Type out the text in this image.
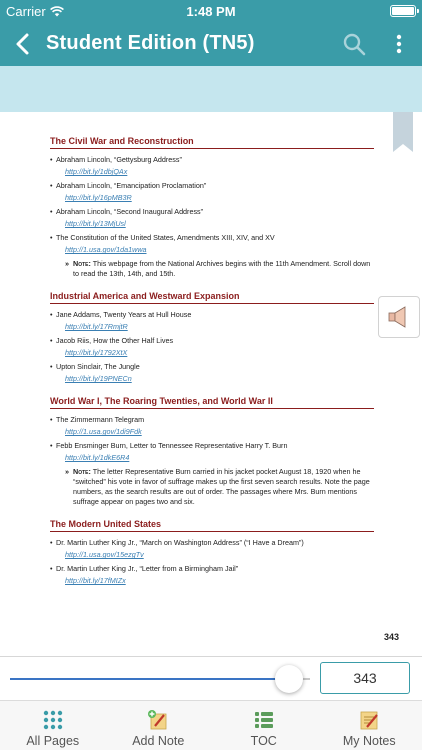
Carrier	1:48 PM
Student Edition (TN5)
The Civil War and Reconstruction
• Abraham Lincoln, “Gettysburg Address”
http://bit.ly/1dbjQAx
• Abraham Lincoln, “Emancipation Proclamation”
http://bit.ly/16pMB3R
• Abraham Lincoln, “Second Inaugural Address”
http://bit.ly/13MjUsl
• The Constitution of the United States, Amendments XIII, XIV, and XV
http://1.usa.gov/1da1wwa
» Note: This webpage from the National Archives begins with the 11th Amendment. Scroll down to read the 13th, 14th, and 15th.
Industrial America and Westward Expansion
• Jane Addams, Twenty Years at Hull House
http://bit.ly/17RmjtR
• Jacob Riis, How the Other Half Lives
http://bit.ly/1792XtX
• Upton Sinclair, The Jungle
http://bit.ly/19PNECn
World War I, The Roaring Twenties, and World War II
• The Zimmermann Telegram
http://1.usa.gov/1di9Fdk
• Febb Ensminger Burn, Letter to Tennessee Representative Harry T. Burn
http://bit.ly/1dkE6R4
» Note: The letter Representative Burn carried in his jacket pocket August 18, 1920 when he “switched” his vote in favor of suffrage makes up the first seven search results. Note the page numbers, as the search results are out of order. The passages where Mrs. Burn mentions suffrage appear on pages two and six.
The Modern United States
• Dr. Martin Luther King Jr., “March on Washington Address” (“I Have a Dream”)
http://1.usa.gov/15ezgTv
• Dr. Martin Luther King Jr., “Letter from a Birmingham Jail”
http://bit.ly/17fMIZx
343
343
All Pages	Add Note	TOC	My Notes
